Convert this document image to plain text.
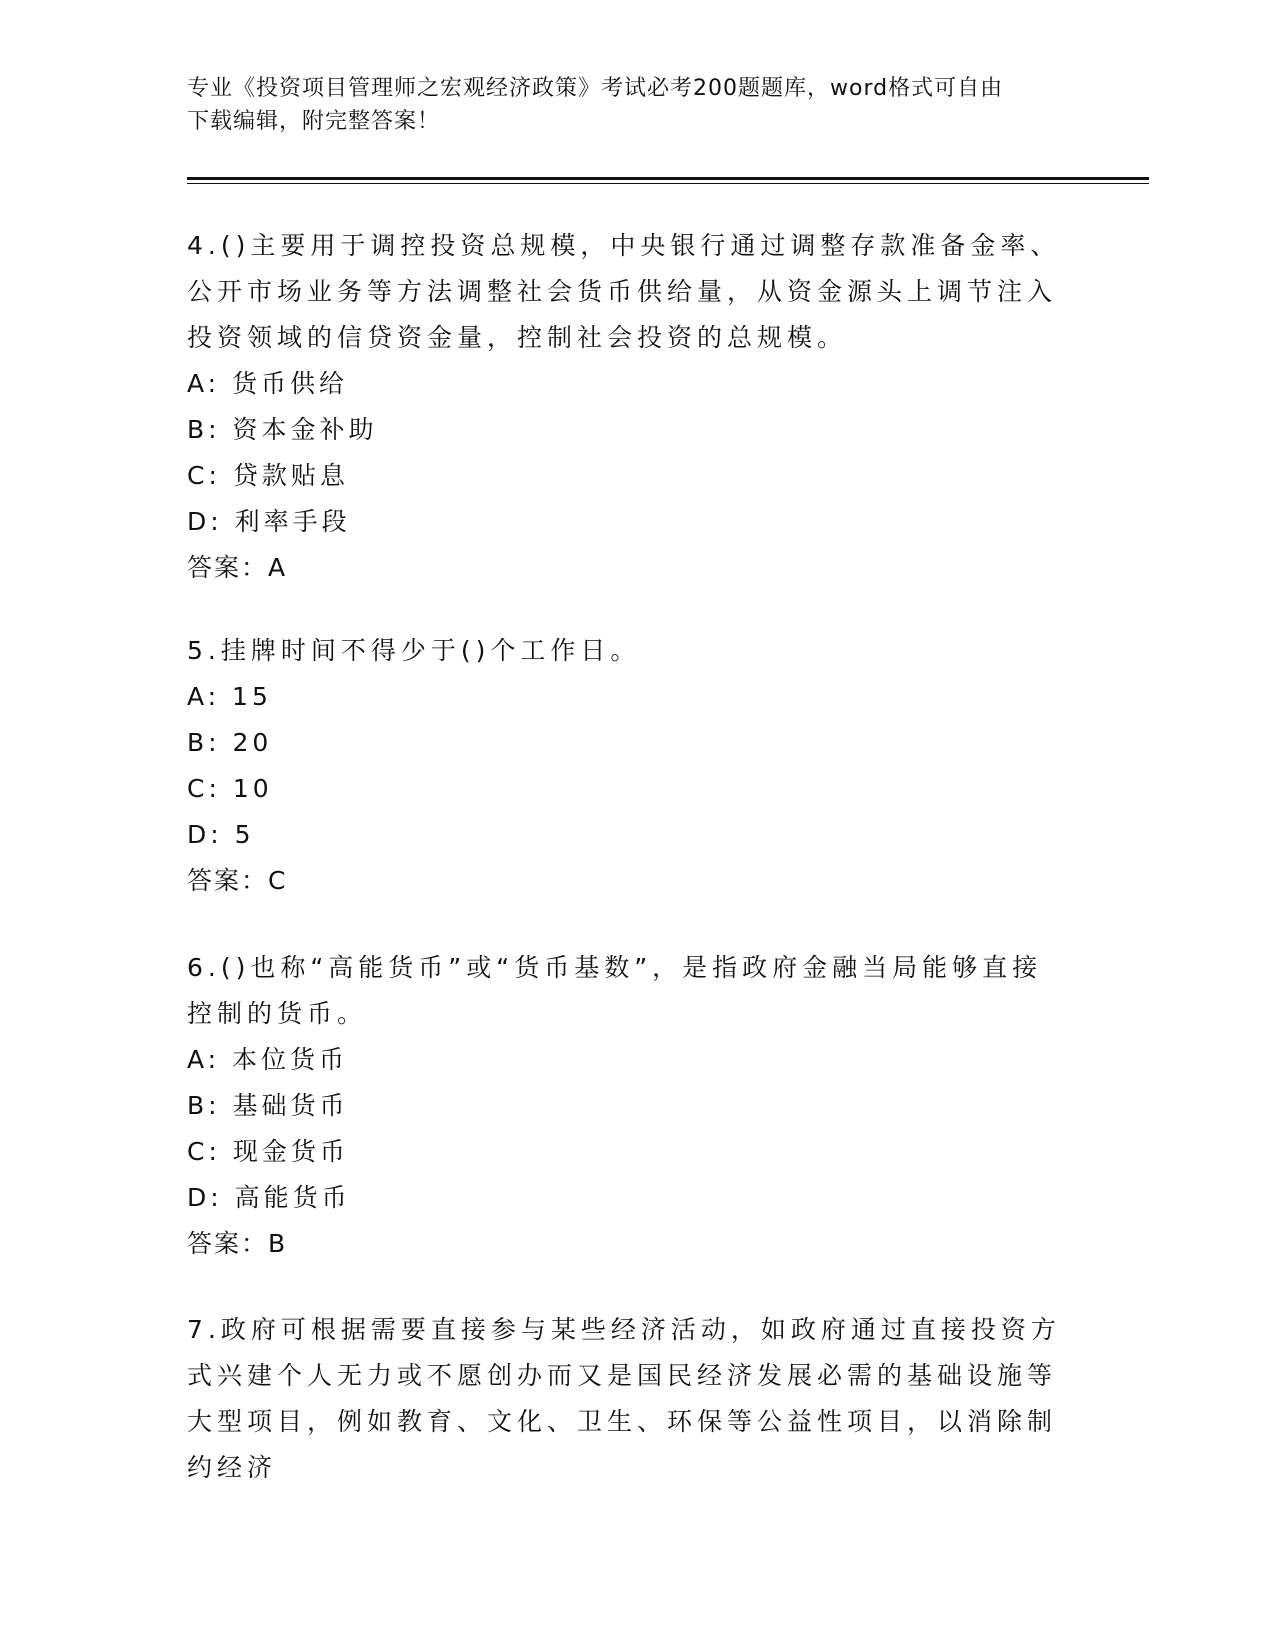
专业《投资项目管理师之宏观经济政策》考试必考200题题库，word格式可自由
下载编辑，附完整答案！

4.()主要用于调控投资总规模，中央银行通过调整存款准备金率、公开市场业务等方法调整社会货币供给量，从资金源头上调节注入投资领域的信贷资金量，控制社会投资的总规模。

A: 货币供给

B: 资本金补助

C: 贷款贴息

D: 利率手段

答案：A

5.挂牌时间不得少于()个工作日。

A: 15

B: 20

C: 10

D: 5

答案：C

6.()也称“高能货币”或“货币基数”，是指政府金融当局能够直接控制的货币。

A: 本位货币

B: 基础货币

C: 现金货币

D: 高能货币

答案：B

7.政府可根据需要直接参与某些经济活动，如政府通过直接投资方式兴建个人无力或不愿创办而又是国民经济发展必需的基础设施等大型项目，例如教育、文化、卫生、环保等公益性项目，以消除制约经济
